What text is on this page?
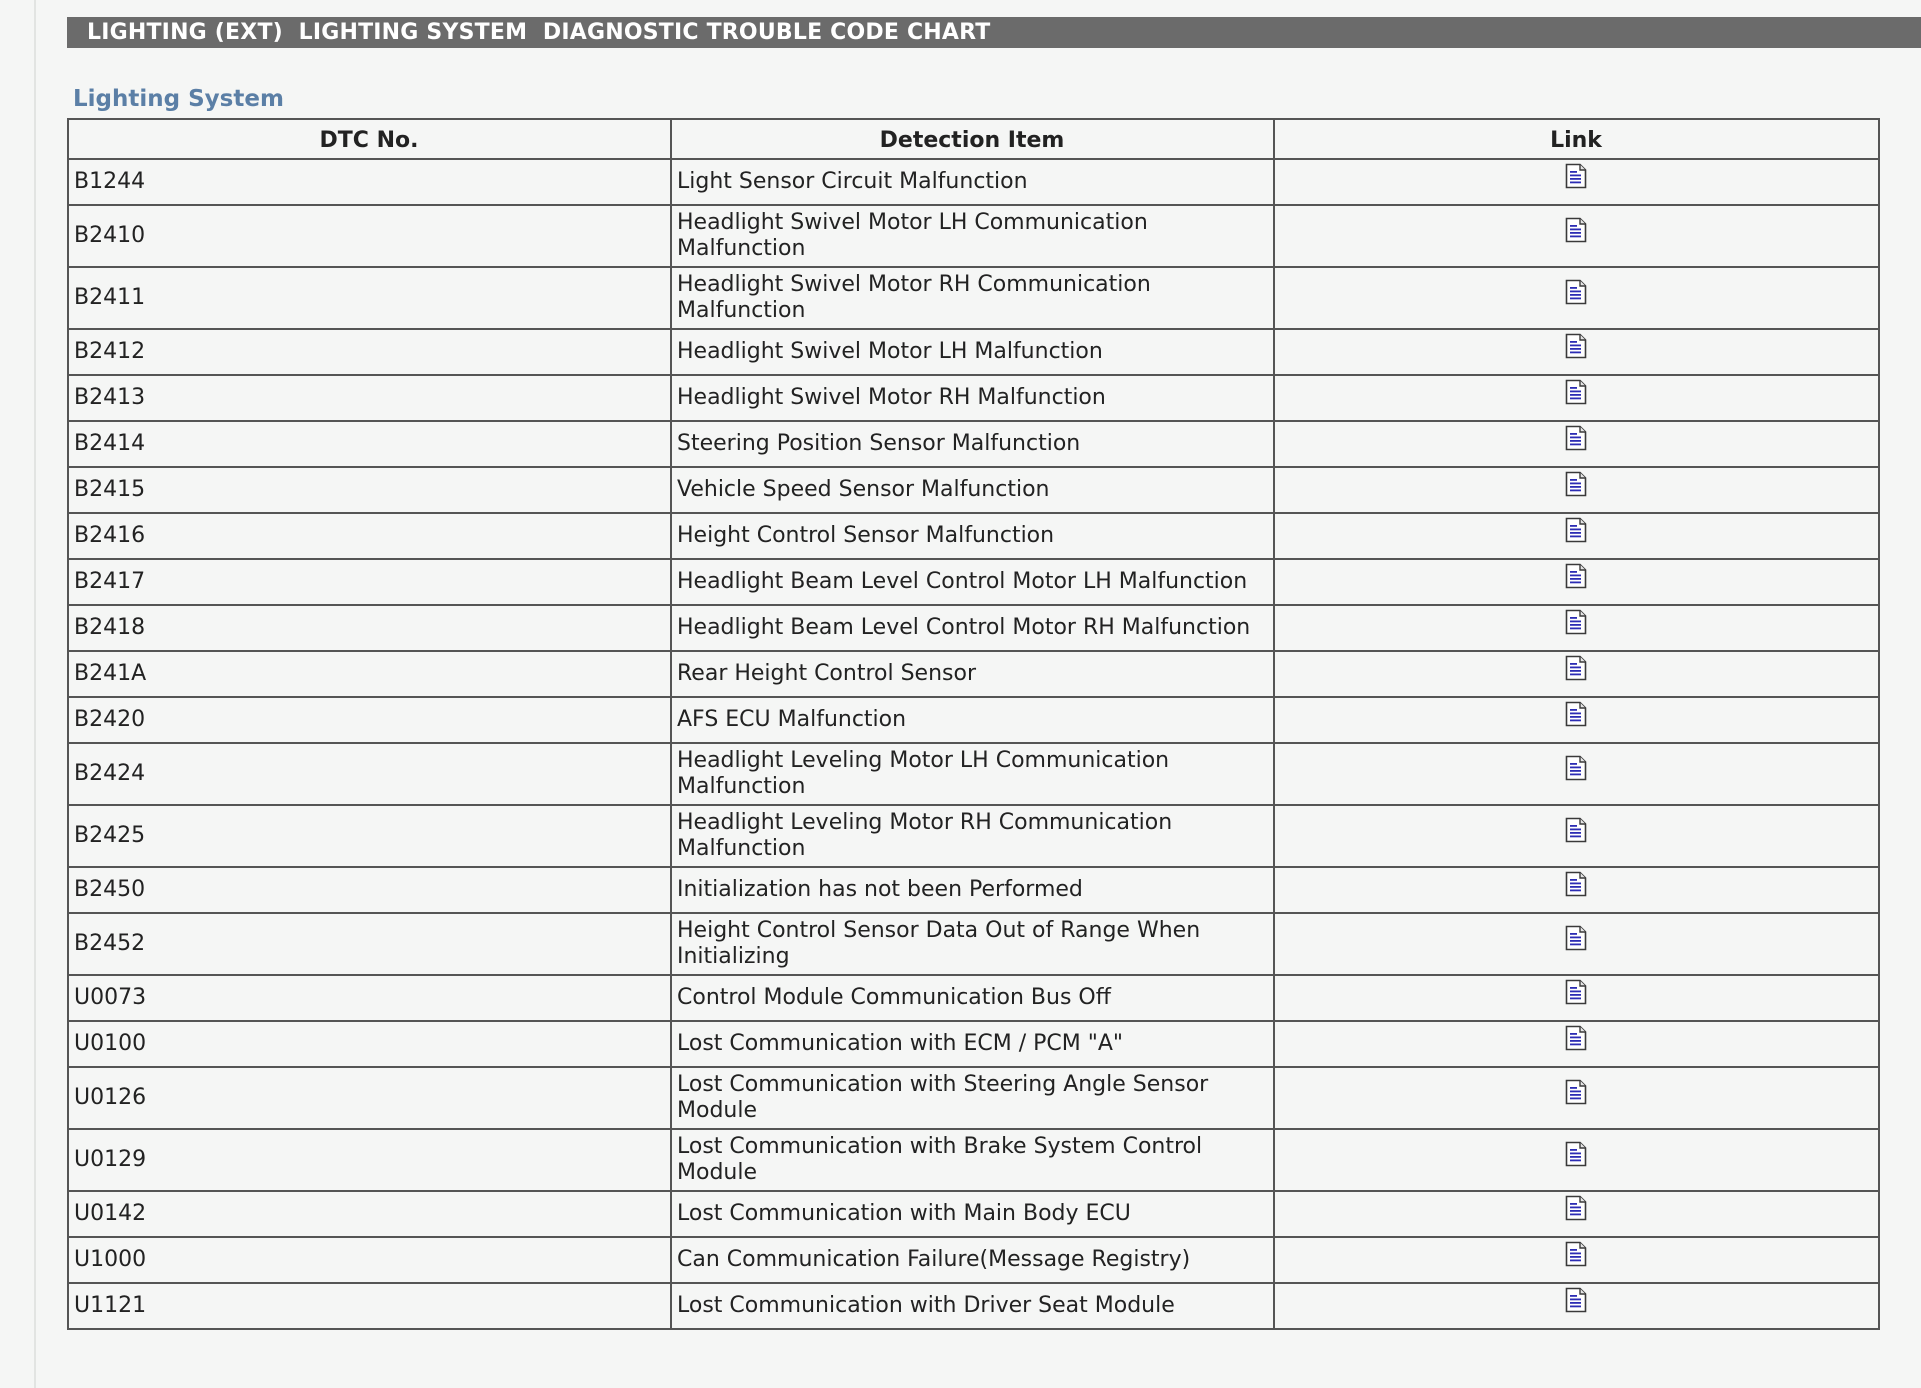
LIGHTING (EXT)  LIGHTING SYSTEM  DIAGNOSTIC TROUBLE CODE CHART
Lighting System
DTC No.	Detection Item	Link
B1244	Light Sensor Circuit Malfunction	
B2410	Headlight Swivel Motor LH Communication Malfunction	
B2411	Headlight Swivel Motor RH Communication Malfunction	
B2412	Headlight Swivel Motor LH Malfunction	
B2413	Headlight Swivel Motor RH Malfunction	
B2414	Steering Position Sensor Malfunction	
B2415	Vehicle Speed Sensor Malfunction	
B2416	Height Control Sensor Malfunction	
B2417	Headlight Beam Level Control Motor LH Malfunction	
B2418	Headlight Beam Level Control Motor RH Malfunction	
B241A	Rear Height Control Sensor	
B2420	AFS ECU Malfunction	
B2424	Headlight Leveling Motor LH Communication Malfunction	
B2425	Headlight Leveling Motor RH Communication Malfunction	
B2450	Initialization has not been Performed	
B2452	Height Control Sensor Data Out of Range When Initializing	
U0073	Control Module Communication Bus Off	
U0100	Lost Communication with ECM / PCM "A"	
U0126	Lost Communication with Steering Angle Sensor Module	
U0129	Lost Communication with Brake System Control Module	
U0142	Lost Communication with Main Body ECU	
U1000	Can Communication Failure(Message Registry)	
U1121	Lost Communication with Driver Seat Module	
